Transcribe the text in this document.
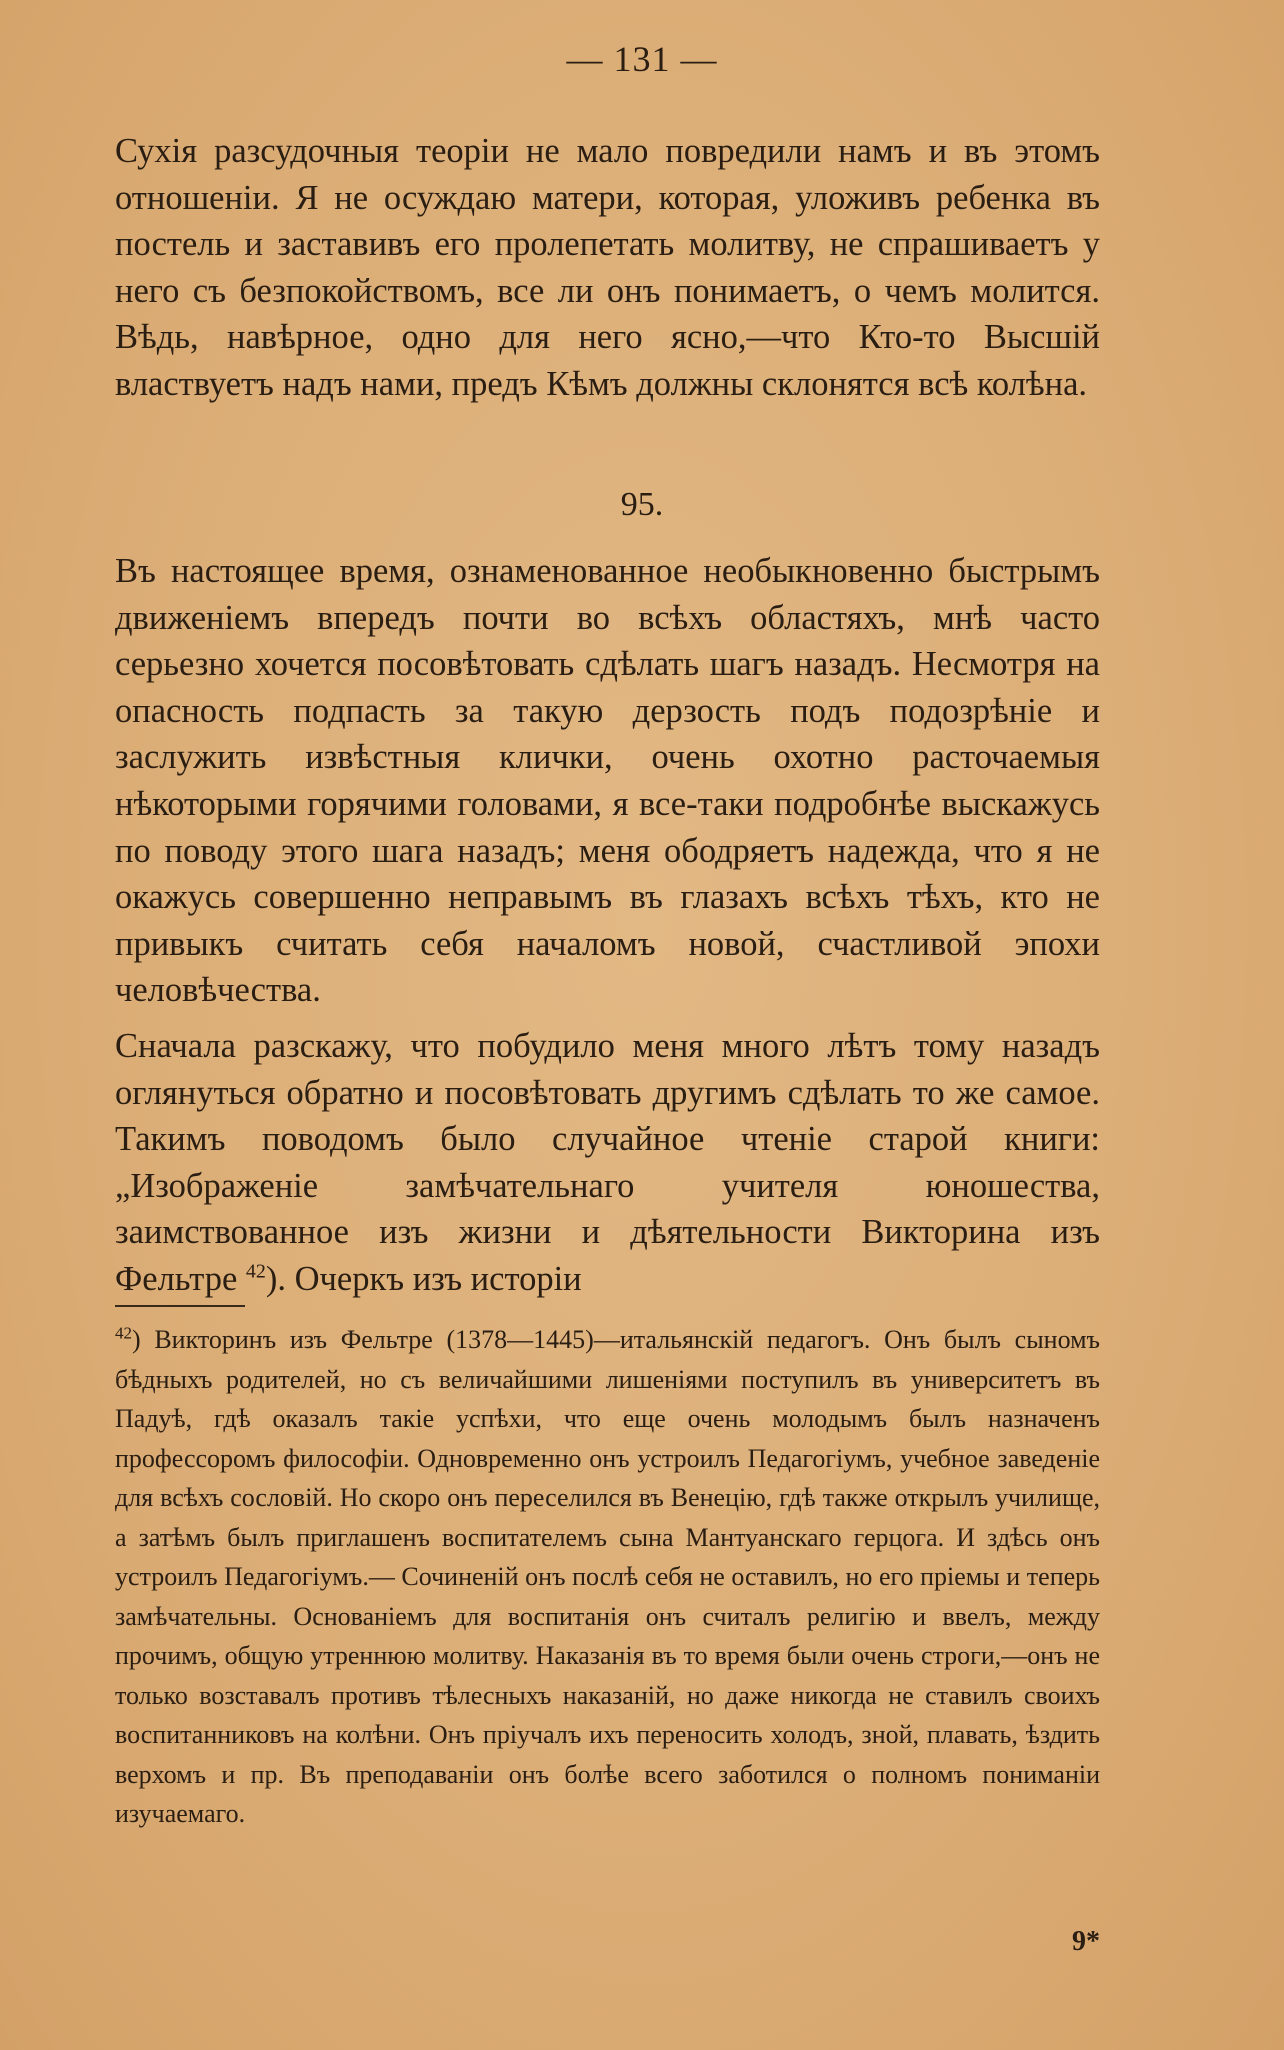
— 131 —

Сухія разсудочныя теоріи не мало повредили намъ и въ этомъ отношеніи. Я не осуждаю матери, которая, уложивъ ребенка въ постель и заставивъ его пролепетать молитву, не спрашиваетъ у него съ безпокойствомъ, все ли онъ понимаетъ, о чемъ молится. Вѣдь, навѣрное, одно для него ясно,—что Кто-то Высшій властвуетъ надъ нами, предъ Кѣмъ должны склонятся всѣ колѣна.

95.

Въ настоящее время, ознаменованное необыкновенно быстрымъ движеніемъ впередъ почти во всѣхъ областяхъ, мнѣ часто серьезно хочется посовѣтовать сдѣлать шагъ назадъ. Несмотря на опасность подпасть за такую дерзость подъ подозрѣніе и заслужить извѣстныя клички, очень охотно расточаемыя нѣкоторыми горячими головами, я все-таки подробнѣе выскажусь по поводу этого шага назадъ; меня ободряетъ надежда, что я не окажусь совершенно неправымъ въ глазахъ всѣхъ тѣхъ, кто не привыкъ считать себя началомъ новой, счастливой эпохи человѣчества.

Сначала разскажу, что побудило меня много лѣтъ тому назадъ оглянуться обратно и посовѣтовать другимъ сдѣлать то же самое. Такимъ поводомъ было случайное чтеніе старой книги: „Изображеніе замѣчательнаго учителя юношества, заимствованное изъ жизни и дѣятельности Викторина изъ Фельтре $^{42}$). Очеркъ изъ исторіи

$^{42}$) Викторинъ изъ Фельтре (1378—1445)—итальянскій педагогъ. Онъ былъ сыномъ бѣдныхъ родителей, но съ величайшими лишеніями поступилъ въ университетъ въ Падуѣ, гдѣ оказалъ такіе успѣхи, что еще очень молодымъ былъ назначенъ профессоромъ философіи. Одновременно онъ устроилъ Педагогіумъ, учебное заведеніе для всѣхъ сословій. Но скоро онъ переселился въ Венецію, гдѣ также открылъ училище, а затѣмъ былъ приглашенъ воспитателемъ сына Мантуанскаго герцога. И здѣсь онъ устроилъ Педагогіумъ.— Сочиненій онъ послѣ себя не оставилъ, но его пріемы и теперь замѣчательны. Основаніемъ для воспитанія онъ считалъ религію и ввелъ, между прочимъ, общую утреннюю молитву. Наказанія въ то время были очень строги,—онъ не только возставалъ противъ тѣлесныхъ наказаній, но даже никогда не ставилъ своихъ воспитанниковъ на колѣни. Онъ пріучалъ ихъ переносить холодъ, зной, плавать, ѣздить верхомъ и пр. Въ преподаваніи онъ болѣе всего заботился о полномъ пониманіи изучаемаго.
9*
